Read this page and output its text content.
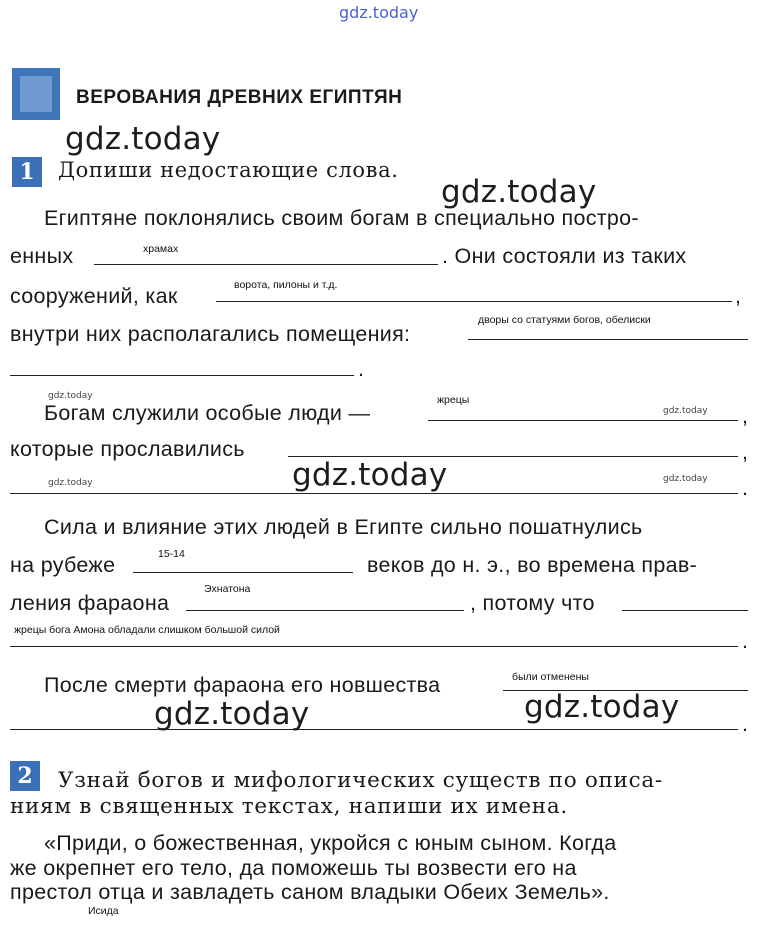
gdz.today
gdz.today
gdz.today
gdz.today
gdz.today
gdz.today
gdz.today	gdz.today
gdz.today	gdz.today
ВЕРОВАНИЯ ДРЕВНИХ ЕГИПТЯН
1	Допиши недостающие слова.
Египтяне поклонялись своим богам в специально постро-
енных	храмах	. Они состояли из таких
сооружений, как	ворота, пилоны и т.д.	,
внутри них располагались помещения:
дворы со статуями богов, обелиски
.
Богам служили особые люди —
жрецы
,
которые прославились	,
.
Сила и влияние этих людей в Египте сильно пошатнулись
на рубеже	15-14	веков до н. э., во времена прав-
ления фараона
Эхнатона
, потому что
жрецы бога Амона обладали слишком большой силой	.
После смерти фараона его новшества	были отменены
.
2	Узнай богов и мифологических существ по описа-
ниям в священных текстах, напиши их имена.
«Приди, о божественная, укройся с юным сыном. Когда
же окрепнет его тело, да поможешь ты возвести его на
престол отца и завладеть саном владыки Обеих Земель».
Исида
